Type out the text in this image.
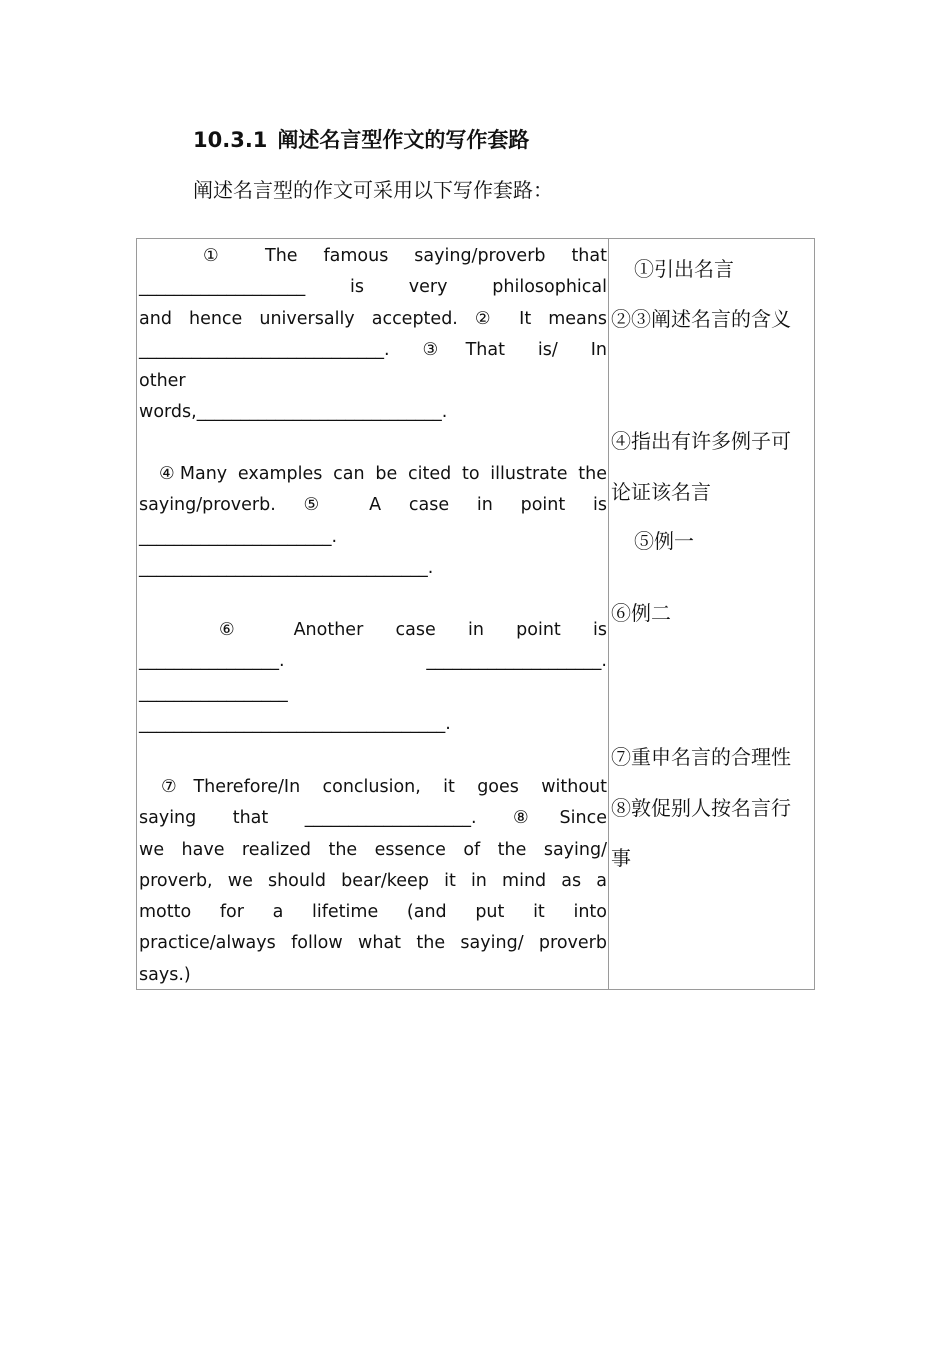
10.3.1 阐述名言型作文的写作套路
阐述名言型的作文可采用以下写作套路：
① The famous saying/proverb that
___________________ is very philosophical
and hence universally accepted. ② It means
____________________________. ③That is/ In
other
words,____________________________.
④Many examples can be cited to illustrate the
saying/proverb. ⑤ A case in point is
______________________.
_________________________________.
⑥ Another case in point is
________________. ____________________.
_________________
___________________________________.
⑦Therefore/In conclusion, it goes without
saying that ___________________. ⑧Since
we have realized the essence of the saying/
proverb, we should bear/keep it in mind as a
motto for a lifetime (and put it into
practice/always follow what the saying/ proverb
says.)
①引出名言
②③阐述名言的含义
④指出有许多例子可
论证该名言
⑤例一
⑥例二
⑦重申名言的合理性
⑧敦促别人按名言行
事
